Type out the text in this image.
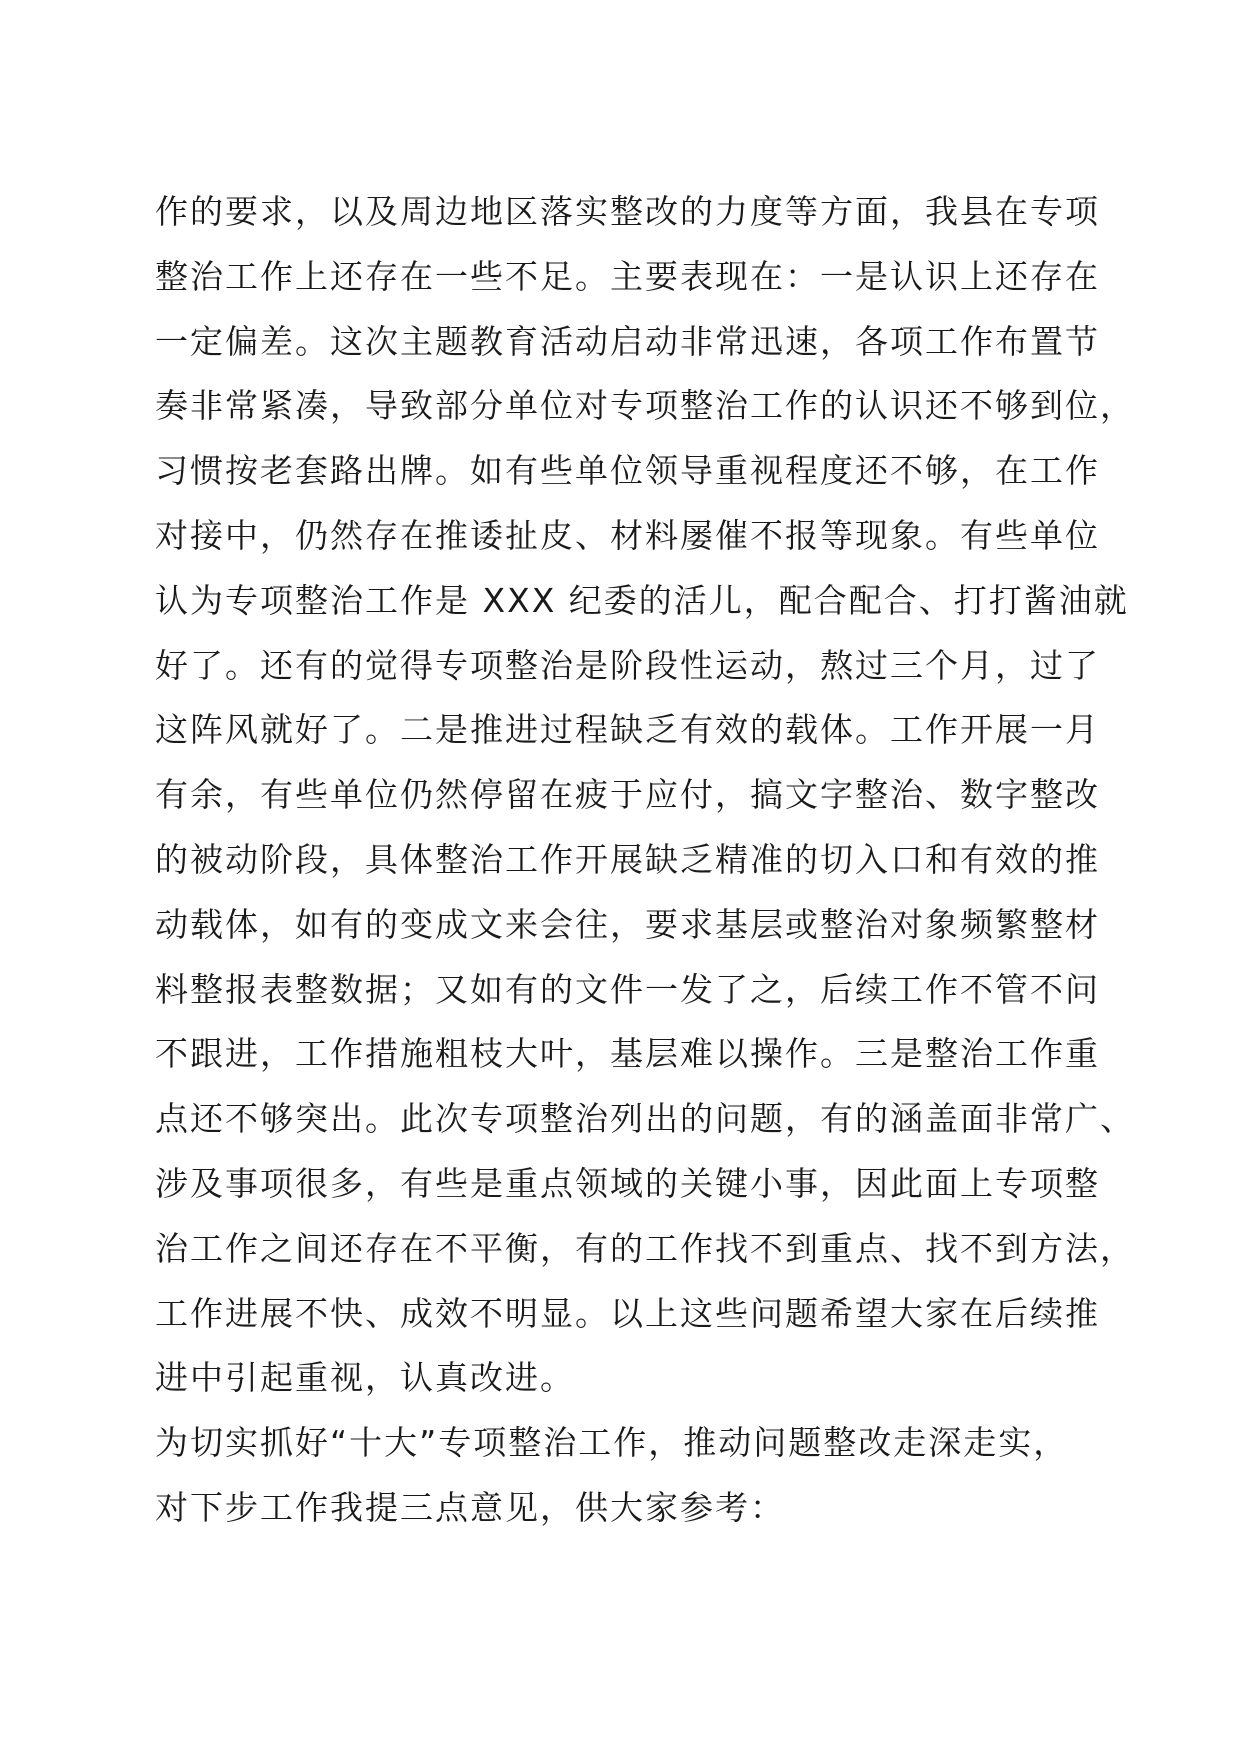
作的要求，以及周边地区落实整改的力度等方面，我县在专项
整治工作上还存在一些不足。主要表现在：一是认识上还存在
一定偏差。这次主题教育活动启动非常迅速，各项工作布置节
奏非常紧凑，导致部分单位对专项整治工作的认识还不够到位，
习惯按老套路出牌。如有些单位领导重视程度还不够，在工作
对接中，仍然存在推诿扯皮、材料屡催不报等现象。有些单位
认为专项整治工作是 XXX 纪委的活儿，配合配合、打打酱油就
好了。还有的觉得专项整治是阶段性运动，熬过三个月，过了
这阵风就好了。二是推进过程缺乏有效的载体。工作开展一月
有余，有些单位仍然停留在疲于应付，搞文字整治、数字整改
的被动阶段，具体整治工作开展缺乏精准的切入口和有效的推
动载体，如有的变成文来会往，要求基层或整治对象频繁整材
料整报表整数据；又如有的文件一发了之，后续工作不管不问
不跟进，工作措施粗枝大叶，基层难以操作。三是整治工作重
点还不够突出。此次专项整治列出的问题，有的涵盖面非常广、
涉及事项很多，有些是重点领域的关键小事，因此面上专项整
治工作之间还存在不平衡，有的工作找不到重点、找不到方法，
工作进展不快、成效不明显。以上这些问题希望大家在后续推
进中引起重视，认真改进。
为切实抓好“十大”专项整治工作，推动问题整改走深走实，
对下步工作我提三点意见，供大家参考：
